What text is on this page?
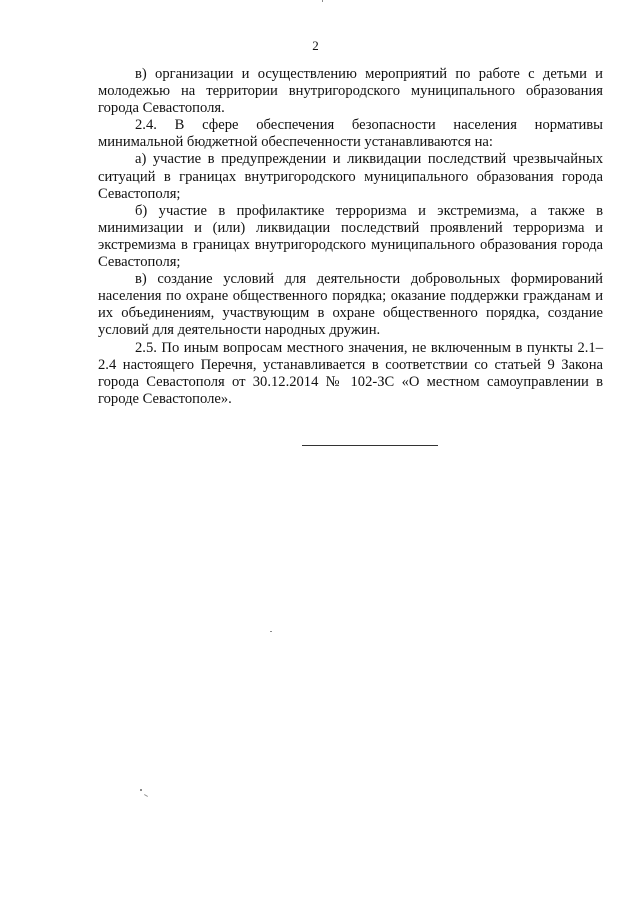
2

в) организации и осуществлению мероприятий по работе с детьми и молодежью на территории внутригородского муниципального образования города Севастополя.

2.4. В сфере обеспечения безопасности населения нормативы минимальной бюджетной обеспеченности устанавливаются на:

а) участие в предупреждении и ликвидации последствий чрезвычайных ситуаций в границах внутригородского муниципального образования города Севастополя;

б) участие в профилактике терроризма и экстремизма, а также в минимизации и (или) ликвидации последствий проявлений терроризма и экстремизма в границах внутригородского муниципального образования города Севастополя;

в) создание условий для деятельности добровольных формирований населения по охране общественного порядка; оказание поддержки гражданам и их объединениям, участвующим в охране общественного порядка, создание условий для деятельности народных дружин.

2.5. По иным вопросам местного значения, не включенным в пункты 2.1–2.4 настоящего Перечня, устанавливается в соответствии со статьей 9 Закона города Севастополя от 30.12.2014 № 102-ЗС «О местном самоуправлении в городе Севастополе».
